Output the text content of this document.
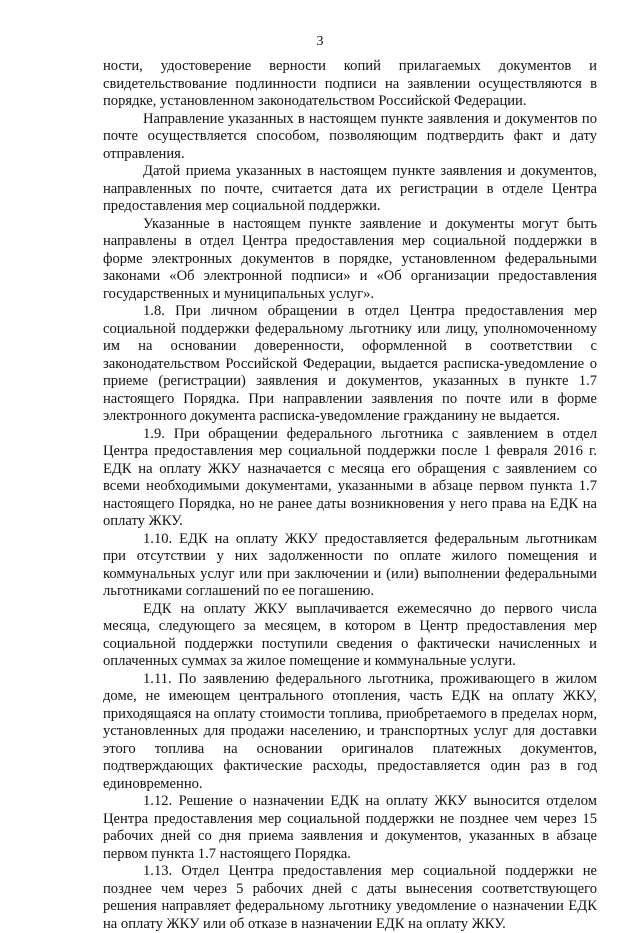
3

ности, удостоверение верности копий прилагаемых документов и свидетельствование подлинности подписи на заявлении осуществляются в порядке, установленном законодательством Российской Федерации.

Направление указанных в настоящем пункте заявления и документов по почте осуществляется способом, позволяющим подтвердить факт и дату отправления.

Датой приема указанных в настоящем пункте заявления и документов, направленных по почте, считается дата их регистрации в отделе Центра предоставления мер социальной поддержки.

Указанные в настоящем пункте заявление и документы могут быть направлены в отдел Центра предоставления мер социальной поддержки в форме электронных документов в порядке, установленном федеральными законами «Об электронной подписи» и «Об организации предоставления государственных и муниципальных услуг».

1.8. При личном обращении в отдел Центра предоставления мер социальной поддержки федеральному льготнику или лицу, уполномоченному им на основании доверенности, оформленной в соответствии с законодательством Российской Федерации, выдается расписка-уведомление о приеме (регистрации) заявления и документов, указанных в пункте 1.7 настоящего Порядка. При направлении заявления по почте или в форме электронного документа расписка-уведомление гражданину не выдается.

1.9. При обращении федерального льготника с заявлением в отдел Центра предоставления мер социальной поддержки после 1 февраля 2016 г. ЕДК на оплату ЖКУ назначается с месяца его обращения с заявлением со всеми необходимыми документами, указанными в абзаце первом пункта 1.7 настоящего Порядка, но не ранее даты возникновения у него права на ЕДК на оплату ЖКУ.

1.10. ЕДК на оплату ЖКУ предоставляется федеральным льготникам при отсутствии у них задолженности по оплате жилого помещения и коммунальных услуг или при заключении и (или) выполнении федеральными льготниками соглашений по ее погашению.

ЕДК на оплату ЖКУ выплачивается ежемесячно до первого числа месяца, следующего за месяцем, в котором в Центр предоставления мер социальной поддержки поступили сведения о фактически начисленных и оплаченных суммах за жилое помещение и коммунальные услуги.

1.11. По заявлению федерального льготника, проживающего в жилом доме, не имеющем центрального отопления, часть ЕДК на оплату ЖКУ, приходящаяся на оплату стоимости топлива, приобретаемого в пределах норм, установленных для продажи населению, и транспортных услуг для доставки этого топлива на основании оригиналов платежных документов, подтверждающих фактические расходы, предоставляется один раз в год единовременно.

1.12. Решение о назначении ЕДК на оплату ЖКУ выносится отделом Центра предоставления мер социальной поддержки не позднее чем через 15 рабочих дней со дня приема заявления и документов, указанных в абзаце первом пункта 1.7 настоящего Порядка.

1.13. Отдел Центра предоставления мер социальной поддержки не позднее чем через 5 рабочих дней с даты вынесения соответствующего решения направляет федеральному льготнику уведомление о назначении ЕДК на оплату ЖКУ или об отказе в назначении ЕДК на оплату ЖКУ.
